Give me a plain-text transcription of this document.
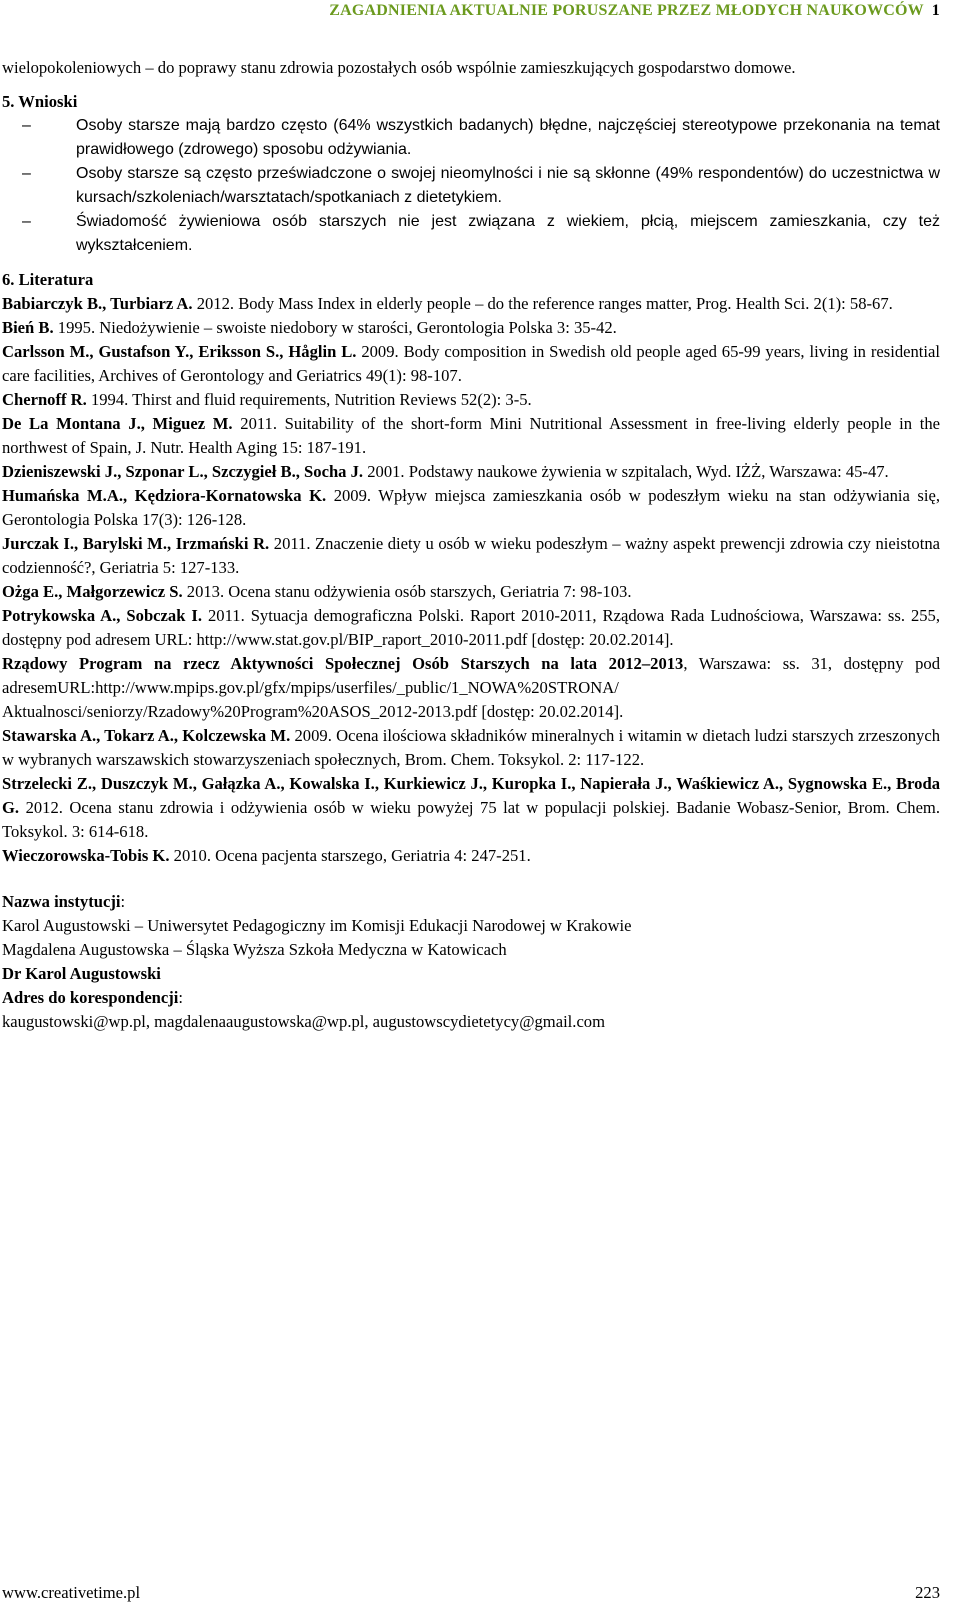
ZAGADNIENIA AKTUALNIE PORUSZANE PRZEZ MŁODYCH NAUKOWCÓW 1

wielopokoleniowych – do poprawy stanu zdrowia pozostałych osób wspólnie zamieszkujących gospodarstwo domowe.

5. Wnioski

–	Osoby starsze mają bardzo często (64% wszystkich badanych) błędne, najczęściej stereotypowe przekonania na temat prawidłowego (zdrowego) sposobu odżywiania.
–	Osoby starsze są często przeświadczone o swojej nieomylności i nie są skłonne (49% respondentów) do uczestnictwa w kursach/szkoleniach/warsztatach/spotkaniach z dietetykiem.
–	Świadomość żywieniowa osób starszych nie jest związana z wiekiem, płcią, miejscem zamieszkania, czy też wykształceniem.

6. Literatura

Babiarczyk B., Turbiarz A. 2012. Body Mass Index in elderly people – do the reference ranges matter, Prog. Health Sci. 2(1): 58-67.

Bień B. 1995. Niedożywienie – swoiste niedobory w starości, Gerontologia Polska 3: 35-42.

Carlsson M., Gustafson Y., Eriksson S., Håglin L. 2009. Body composition in Swedish old people aged 65-99 years, living in residential care facilities, Archives of Gerontology and Geriatrics 49(1): 98-107.

Chernoff R. 1994. Thirst and fluid requirements, Nutrition Reviews 52(2): 3-5.

De La Montana J., Miguez M. 2011. Suitability of the short-form Mini Nutritional Assessment in free-living elderly people in the northwest of Spain, J. Nutr. Health Aging 15: 187-191.

Dzieniszewski J., Szponar L., Szczygieł B., Socha J. 2001. Podstawy naukowe żywienia w szpitalach, Wyd. IŻŻ, Warszawa: 45-47.

Humańska M.A., Kędziora-Kornatowska K. 2009. Wpływ miejsca zamieszkania osób w podeszłym wieku na stan odżywiania się, Gerontologia Polska 17(3): 126-128.

Jurczak I., Barylski M., Irzmański R. 2011. Znaczenie diety u osób w wieku podeszłym – ważny aspekt prewencji zdrowia czy nieistotna codzienność?, Geriatria 5: 127-133.

Ożga E., Małgorzewicz S. 2013. Ocena stanu odżywienia osób starszych, Geriatria 7: 98-103.

Potrykowska A., Sobczak I. 2011. Sytuacja demograficzna Polski. Raport 2010-2011, Rządowa Rada Ludnościowa, Warszawa: ss. 255, dostępny pod adresem URL: http://www.stat.gov.pl/BIP_raport_2010-2011.pdf [dostęp: 20.02.2014].

Rządowy Program na rzecz Aktywności Społecznej Osób Starszych na lata 2012–2013, Warszawa: ss. 31, dostępny pod adresemURL:http://www.mpips.gov.pl/gfx/mpips/userfiles/_public/1_NOWA%20STRONA/ Aktualnosci/seniorzy/Rzadowy%20Program%20ASOS_2012-2013.pdf [dostęp: 20.02.2014].

Stawarska A., Tokarz A., Kolczewska M. 2009. Ocena ilościowa składników mineralnych i witamin w dietach ludzi starszych zrzeszonych w wybranych warszawskich stowarzyszeniach społecznych, Brom. Chem. Toksykol. 2: 117-122.

Strzelecki Z., Duszczyk M., Gałązka A., Kowalska I., Kurkiewicz J., Kuropka I., Napierała J., Waśkiewicz A., Sygnowska E., Broda G. 2012. Ocena stanu zdrowia i odżywienia osób w wieku powyżej 75 lat w populacji polskiej. Badanie Wobasz-Senior, Brom. Chem. Toksykol. 3: 614-618.

Wieczorowska-Tobis K. 2010. Ocena pacjenta starszego, Geriatria 4: 247-251.

Nazwa instytucji:

Karol Augustowski – Uniwersytet Pedagogiczny im Komisji Edukacji Narodowej w Krakowie

Magdalena Augustowska – Śląska Wyższa Szkoła Medyczna w Katowicach

Dr Karol Augustowski

Adres do korespondencji:

kaugustowski@wp.pl, magdalenaaugustowska@wp.pl, augustowscydietetycy@gmail.com

www.creativetime.pl	223
